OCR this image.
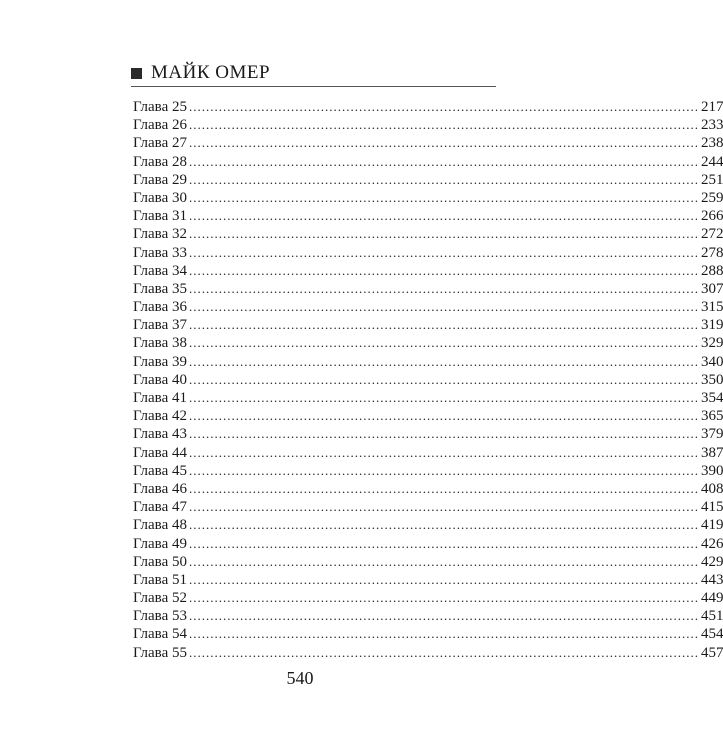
МАЙК ОМЕР
Глава 25 ........................................................................................................................ 217
Глава 26 ........................................................................................................................ 233
Глава 27 ........................................................................................................................ 238
Глава 28 ........................................................................................................................ 244
Глава 29 ........................................................................................................................ 251
Глава 30 ........................................................................................................................ 259
Глава 31 ........................................................................................................................ 266
Глава 32 ........................................................................................................................ 272
Глава 33 ........................................................................................................................ 278
Глава 34 ........................................................................................................................ 288
Глава 35 ........................................................................................................................ 307
Глава 36 ........................................................................................................................ 315
Глава 37 ........................................................................................................................ 319
Глава 38 ........................................................................................................................ 329
Глава 39 ........................................................................................................................ 340
Глава 40 ........................................................................................................................ 350
Глава 41 ........................................................................................................................ 354
Глава 42 ........................................................................................................................ 365
Глава 43 ........................................................................................................................ 379
Глава 44 ........................................................................................................................ 387
Глава 45 ........................................................................................................................ 390
Глава 46 ........................................................................................................................ 408
Глава 47 ........................................................................................................................ 415
Глава 48 ........................................................................................................................ 419
Глава 49 ........................................................................................................................ 426
Глава 50 ........................................................................................................................ 429
Глава 51 ........................................................................................................................ 443
Глава 52 ........................................................................................................................ 449
Глава 53 ........................................................................................................................ 451
Глава 54 ........................................................................................................................ 454
Глава 55 ........................................................................................................................ 457
540
